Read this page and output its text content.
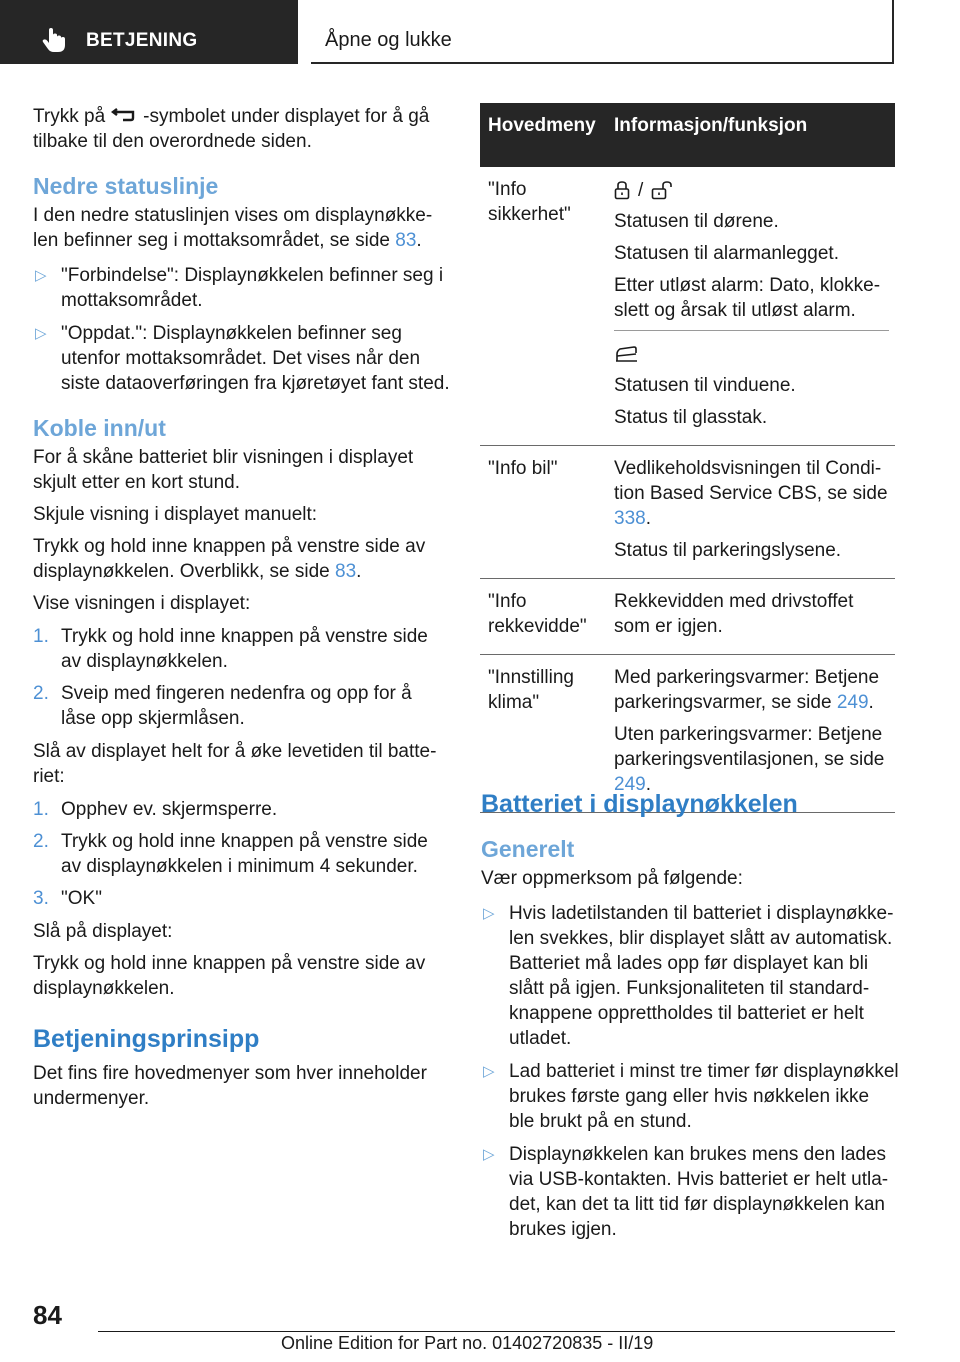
BETJENING	Åpne og lukke

Trykk på -symbolet under displayet for å gå tilbake til den overordnede siden.

Nedre statuslinje

I den nedre statuslinjen vises om displaynøkkelen befinner seg i mottaksområdet, se side 83.

▷ "Forbindelse": Displaynøkkelen befinner seg i mottaksområdet.
▷ "Oppdat.": Displaynøkkelen befinner seg utenfor mottaksområdet. Det vises når den siste dataoverføringen fra kjøretøyet fant sted.
Koble inn/ut

For å skåne batteriet blir visningen i displayet skjult etter en kort stund.

Skjule visning i displayet manuelt:

Trykk og hold inne knappen på venstre side av displaynøkkelen. Overblikk, se side 83.

Vise visningen i displayet:

1. Trykk og hold inne knappen på venstre side av displaynøkkelen.
2. Sveip med fingeren nedenfra og opp for å låse opp skjermlåsen.

Slå av displayet helt for å øke levetiden til batteriet:

1. Opphev ev. skjermsperre.
2. Trykk og hold inne knappen på venstre side av displaynøkkelen i minimum 4 sekunder.
3. "OK"

Slå på displayet:

Trykk og hold inne knappen på venstre side av displaynøkkelen.

Betjeningsprinsipp

Det fins fire hovedmenyer som hver inneholder undermenyer.

Hovedmeny Informasjon/funksjon
"Info sikkerhet"
/

Statusen til dørene.

Statusen til alarmanlegget.

Etter utløst alarm: Dato, klokkeslett og årsak til utløst alarm.

Statusen til vinduene.

Status til glasstak.

"Info bil"	Vedlikeholdsvisningen til Condition Based Service CBS, se side 338.

Status til parkeringslysene.

"Info rekkevidde"

Rekkevidden med drivstoffet som er igjen.

"Innstilling klima"

Med parkeringsvarmer: Betjene parkeringsvarmer, se side 249.

Uten parkeringsvarmer: Betjene parkeringsventilasjonen, se side 249.

Batteriet i displaynøkkelen
Generelt

Vær oppmerksom på følgende:

▷ Hvis ladetilstanden til batteriet i displaynøkkelen svekkes, blir displayet slått av automatisk. Batteriet må lades opp før displayet kan bli slått på igjen. Funksjonaliteten til standardknappene opprettholdes til batteriet er helt utladet.
▷ Lad batteriet i minst tre timer før displaynøkkel brukes første gang eller hvis nøkkelen ikke ble brukt på en stund.
▷ Displaynøkkelen kan brukes mens den lades via USB-kontakten. Hvis batteriet er helt utladet, kan det ta litt tid før displaynøkkelen kan brukes igjen.
84
Online Edition for Part no. 01402720835 - II/19
